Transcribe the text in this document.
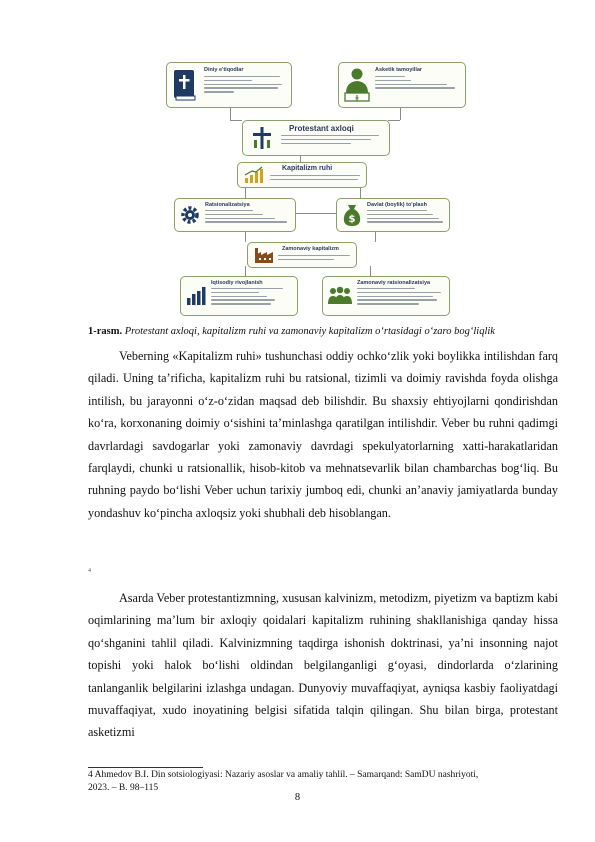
Diniy e'tiqodlar
ǂ
Asketik tamoyillar
Protestant axloqi
Kapitalizm ruhi
Ratsionalizatsiya
$
Davlat (boylik) to'plash
Zamonaviy kapitalizm
Iqtisodiy rivojlanish	Zamonaviy ratsionalizatsiya
1-rasm. Protestant axloqi, kapitalizm ruhi va zamonaviy kapitalizm o‘rtasidagi o‘zaro bog‘liqlik

Veberning «Kapitalizm ruhi» tushunchasi oddiy ochko‘zlik yoki boylikka intilishdan farq qiladi. Uning ta’rificha, kapitalizm ruhi bu ratsional, tizimli va doimiy ravishda foyda olishga intilish, bu jarayonni o‘z-o‘zidan maqsad deb bilishdir. Bu shaxsiy ehtiyojlarni qondirishdan ko‘ra, korxonaning doimiy o‘sishini ta’minlashga qaratilgan intilishdir. Veber bu ruhni qadimgi davrlardagi savdogarlar yoki zamonaviy davrdagi spekulyatorlarning xatti-harakatlaridan farqlaydi, chunki u ratsionallik, hisob-kitob va mehnatsevarlik bilan chambarchas bog‘liq. Bu ruhning paydo bo‘lishi Veber uchun tarixiy jumboq edi, chunki an’anaviy jamiyatlarda bunday yondashuv ko‘pincha axloqsiz yoki shubhali deb hisoblangan.

4

Asarda Veber protestantizmning, xususan kalvinizm, metodizm, piyetizm va baptizm kabi oqimlarining ma’lum bir axloqiy qoidalari kapitalizm ruhining shakllanishiga qanday hissa qo‘shganini tahlil qiladi. Kalvinizmning taqdirga ishonish doktrinasi, ya’ni insonning najot topishi yoki halok bo‘lishi oldindan belgilanganligi g‘oyasi, dindorlarda o‘zlarining tanlanganlik belgilarini izlashga undagan. Dunyoviy muvaffaqiyat, ayniqsa kasbiy faoliyatdagi muvaffaqiyat, xudo inoyatining belgisi sifatida talqin qilingan. Shu bilan birga, protestant asketizmi

4 Ahmedov B.I. Din sotsiologiyasi: Nazariy asoslar va amaliy tahlil. – Samarqand: SamDU nashriyoti,
2023. – B. 98–115
8
